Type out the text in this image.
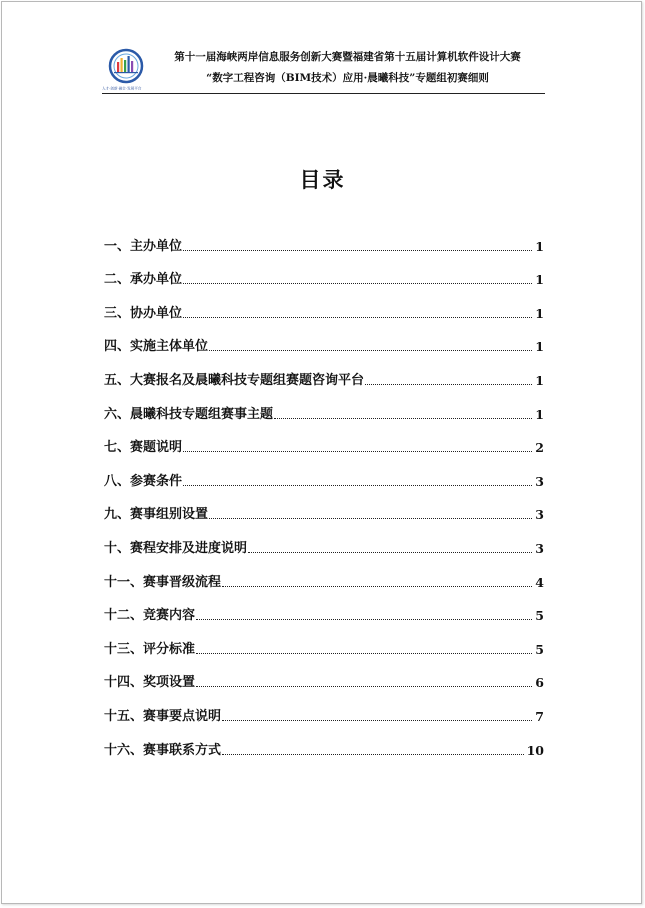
人才·创新·融合·发展平台
第十一届海峡两岸信息服务创新大赛暨福建省第十五届计算机软件设计大赛
“数字工程咨询（BIM技术）应用·晨曦科技”专题组初赛细则
目录
一、主办单位	1
二、承办单位	1
三、协办单位	1
四、实施主体单位	1
五、大赛报名及晨曦科技专题组赛题咨询平台	1
六、晨曦科技专题组赛事主题	1
七、赛题说明	2
八、参赛条件	3
九、赛事组别设置	3
十、赛程安排及进度说明	3
十一、赛事晋级流程	4
十二、竞赛内容	5
十三、评分标准	5
十四、奖项设置	6
十五、赛事要点说明	7
十六、赛事联系方式	10
